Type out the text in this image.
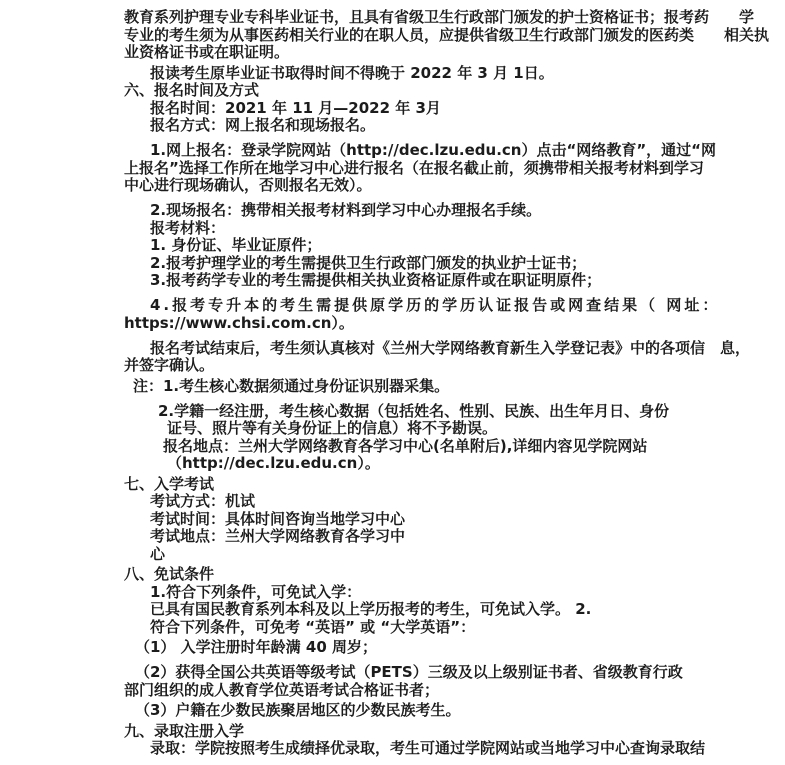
教育系列护理专业专科毕业证书，且具有省级卫生行政部门颁发的护士资格证书；报考药　　学

专业的考生须为从事医药相关行业的在职人员，应提供省级卫生行政部门颁发的医药类　　相关执

业资格证书或在职证明。

报读考生原毕业证书取得时间不得晚于 2022 年 3 月 1日。

六、报名时间及方式

报名时间：2021 年 11 月—2022 年 3月

报名方式：网上报名和现场报名。

1.网上报名：登录学院网站（http://dec.lzu.edu.cn）点击“网络教育”，通过“网

上报名”选择工作所在地学习中心进行报名（在报名截止前，须携带相关报考材料到学习

中心进行现场确认，否则报名无效）。

2.现场报名：携带相关报考材料到学习中心办理报名手续。

报考材料：

1. 身份证、毕业证原件；

2.报考护理学业的考生需提供卫生行政部门颁发的执业护士证书；

3.报考药学专业的考生需提供相关执业资格证原件或在职证明原件；

4.报考专升本的考生需提供原学历的学历认证报告或网查结果（ 网址：

https://www.chsi.com.cn）。

报名考试结束后，考生须认真核对《兰州大学网络教育新生入学登记表》中的各项信　息，

并签字确认。

注：1.考生核心数据须通过身份证识别器采集。

2.学籍一经注册，考生核心数据（包括姓名、性别、民族、出生年月日、身份

证号、照片等有关身份证上的信息）将不予勘误。

报名地点：兰州大学网络教育各学习中心(名单附后),详细内容见学院网站

（http://dec.lzu.edu.cn）。

七、入学考试

考试方式：机试

考试时间：具体时间咨询当地学习中心

考试地点：兰州大学网络教育各学习中

心

八、免试条件

1.符合下列条件，可免试入学：

已具有国民教育系列本科及以上学历报考的考生，可免试入学。 2.

符合下列条件，可免考 “英语” 或 “大学英语”：

（1） 入学注册时年龄满 40 周岁；

（2）获得全国公共英语等级考试（PETS）三级及以上级别证书者、省级教育行政

部门组织的成人教育学位英语考试合格证书者；

（3）户籍在少数民族聚居地区的少数民族考生。

九、录取注册入学

录取：学院按照考生成绩择优录取，考生可通过学院网站或当地学习中心查询录取结
